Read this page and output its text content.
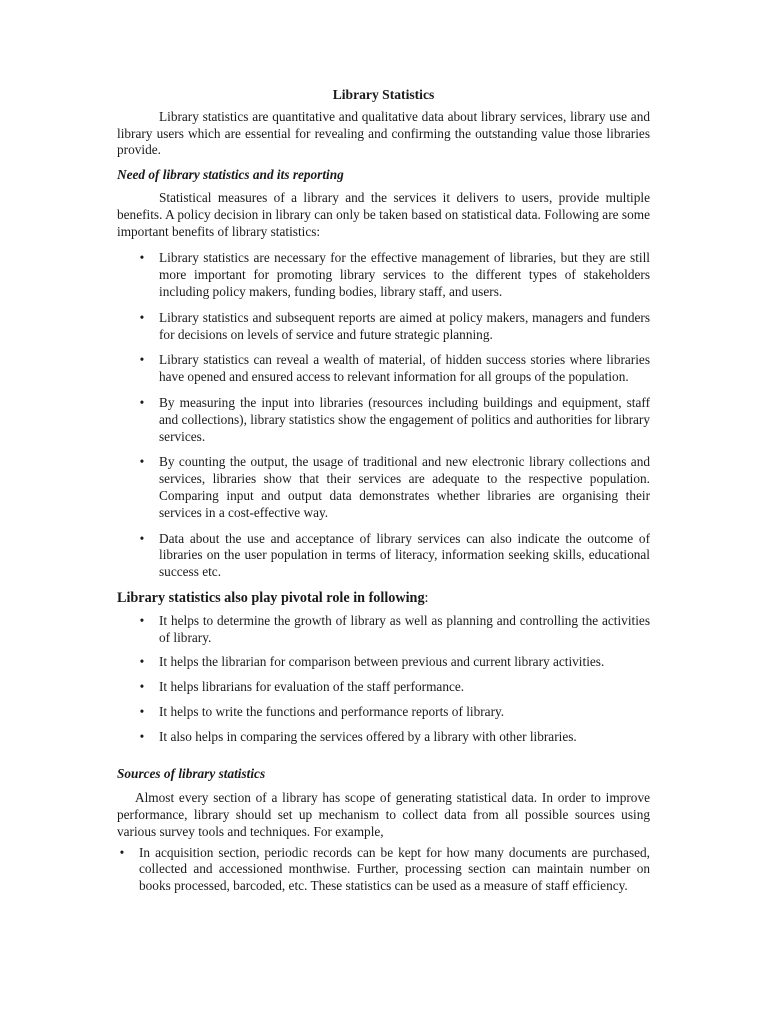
Library Statistics

Library statistics are quantitative and qualitative data about library services, library use and library users which are essential for revealing and confirming the outstanding value those libraries provide.

Need of library statistics and its reporting

Statistical measures of a library and the services it delivers to users, provide multiple benefits. A policy decision in library can only be taken based on statistical data. Following are some important benefits of library statistics:

• Library statistics are necessary for the effective management of libraries, but they are still more important for promoting library services to the different types of stakeholders including policy makers, funding bodies, library staff, and users.
• Library statistics and subsequent reports are aimed at policy makers, managers and funders for decisions on levels of service and future strategic planning.
• Library statistics can reveal a wealth of material, of hidden success stories where libraries have opened and ensured access to relevant information for all groups of the population.
• By measuring the input into libraries (resources including buildings and equipment, staff and collections), library statistics show the engagement of politics and authorities for library services.
• By counting the output, the usage of traditional and new electronic library collections and services, libraries show that their services are adequate to the respective population. Comparing input and output data demonstrates whether libraries are organising their services in a cost-effective way.
• Data about the use and acceptance of library services can also indicate the outcome of libraries on the user population in terms of literacy, information seeking skills, educational success etc.
Library statistics also play pivotal role in following:
• It helps to determine the growth of library as well as planning and controlling the activities of library.
• It helps the librarian for comparison between previous and current library activities.
• It helps librarians for evaluation of the staff performance.
• It helps to write the functions and performance reports of library.
• It also helps in comparing the services offered by a library with other libraries.
Sources of library statistics

Almost every section of a library has scope of generating statistical data. In order to improve performance, library should set up mechanism to collect data from all possible sources using various survey tools and techniques. For example,

• In acquisition section, periodic records can be kept for how many documents are purchased, collected and accessioned monthwise. Further, processing section can maintain number on books processed, barcoded, etc. These statistics can be used as a measure of staff efficiency.
